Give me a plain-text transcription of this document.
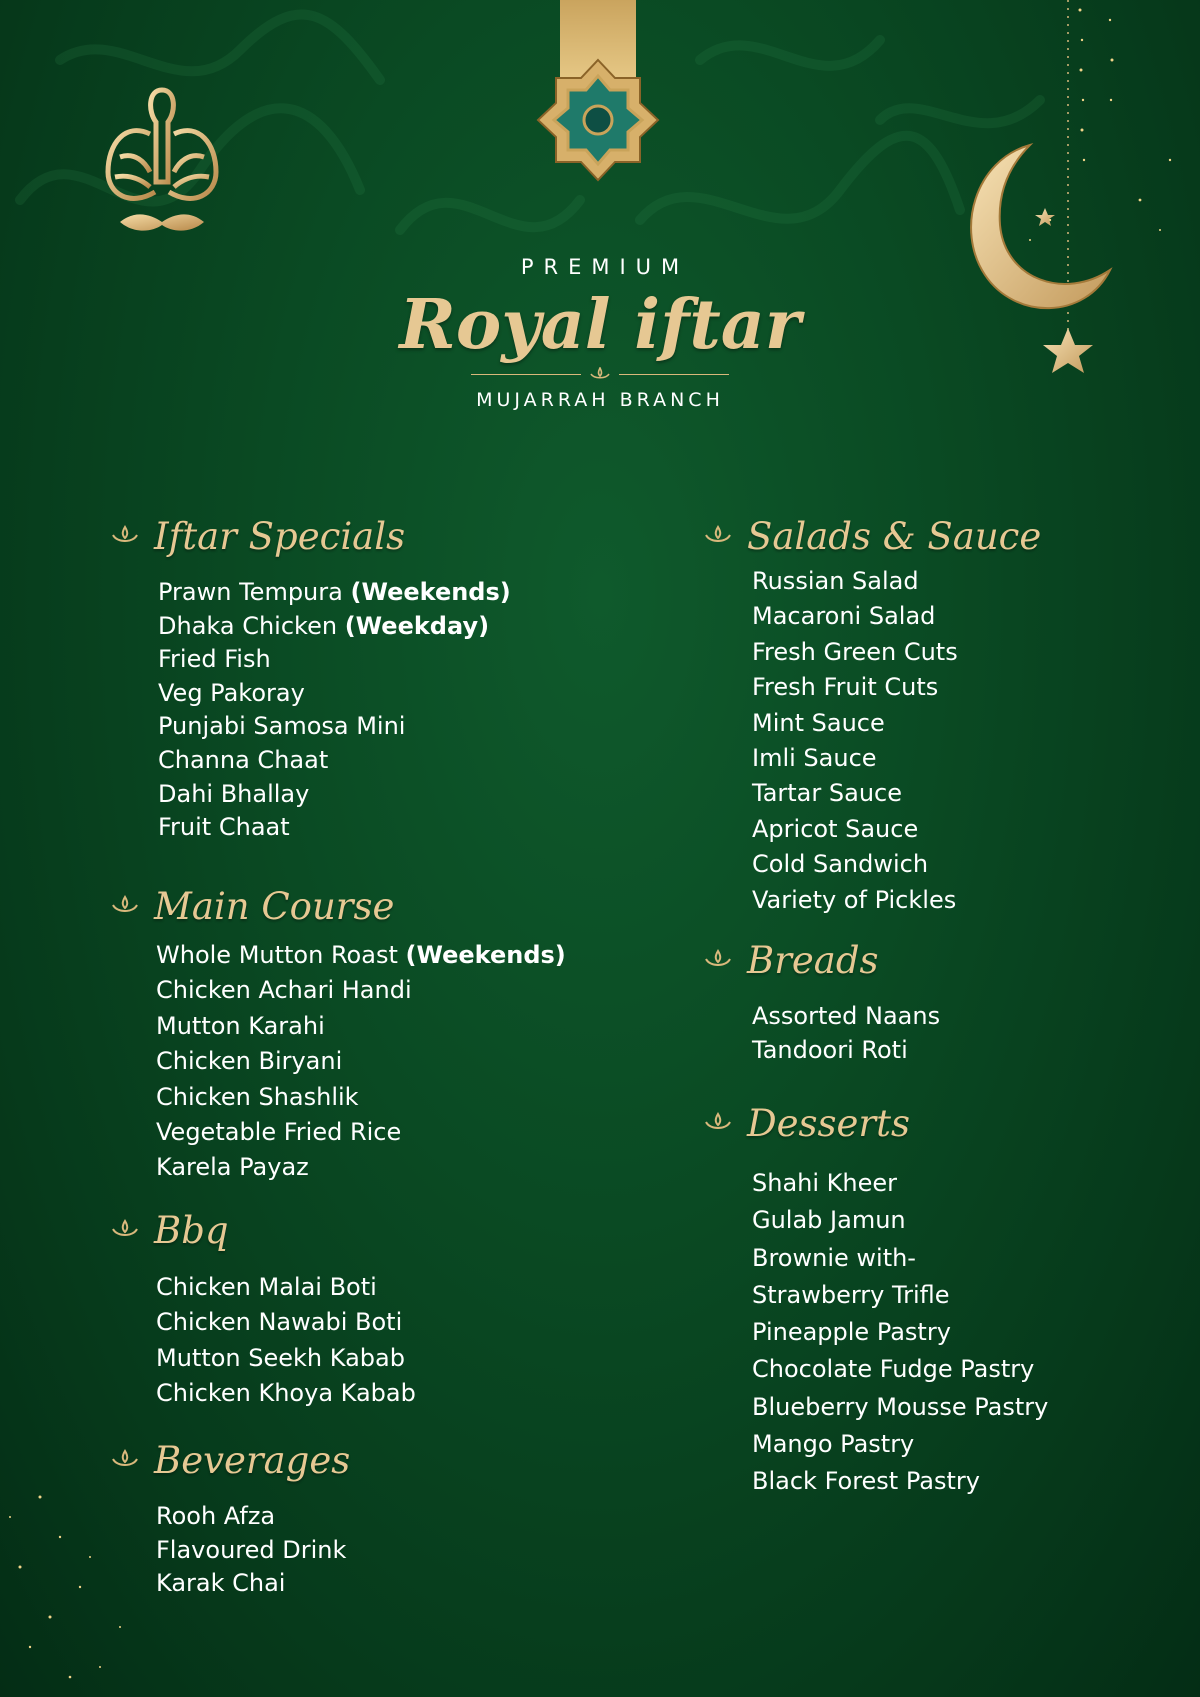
PREMIUM

Royal iftar

MUJARRAH BRANCH

Iftar Specials
Prawn Tempura (Weekends)
Dhaka Chicken (Weekday)
Fried Fish
Veg Pakoray
Punjabi Samosa Mini
Channa Chaat
Dahi Bhallay
Fruit Chaat
Main Course
Whole Mutton Roast (Weekends)
Chicken Achari Handi
Mutton Karahi
Chicken Biryani
Chicken Shashlik
Vegetable Fried Rice
Karela Payaz
Bbq
Chicken Malai Boti
Chicken Nawabi Boti
Mutton Seekh Kabab
Chicken Khoya Kabab
Beverages
Rooh Afza
Flavoured Drink
Karak Chai
Salads & Sauce
Russian Salad
Macaroni Salad
Fresh Green Cuts
Fresh Fruit Cuts
Mint Sauce
Imli Sauce
Tartar Sauce
Apricot Sauce
Cold Sandwich
Variety of Pickles
Breads
Assorted Naans
Tandoori Roti
Desserts
Shahi Kheer
Gulab Jamun
Brownie with-
Strawberry Trifle
Pineapple Pastry
Chocolate Fudge Pastry
Blueberry Mousse Pastry
Mango Pastry
Black Forest Pastry
